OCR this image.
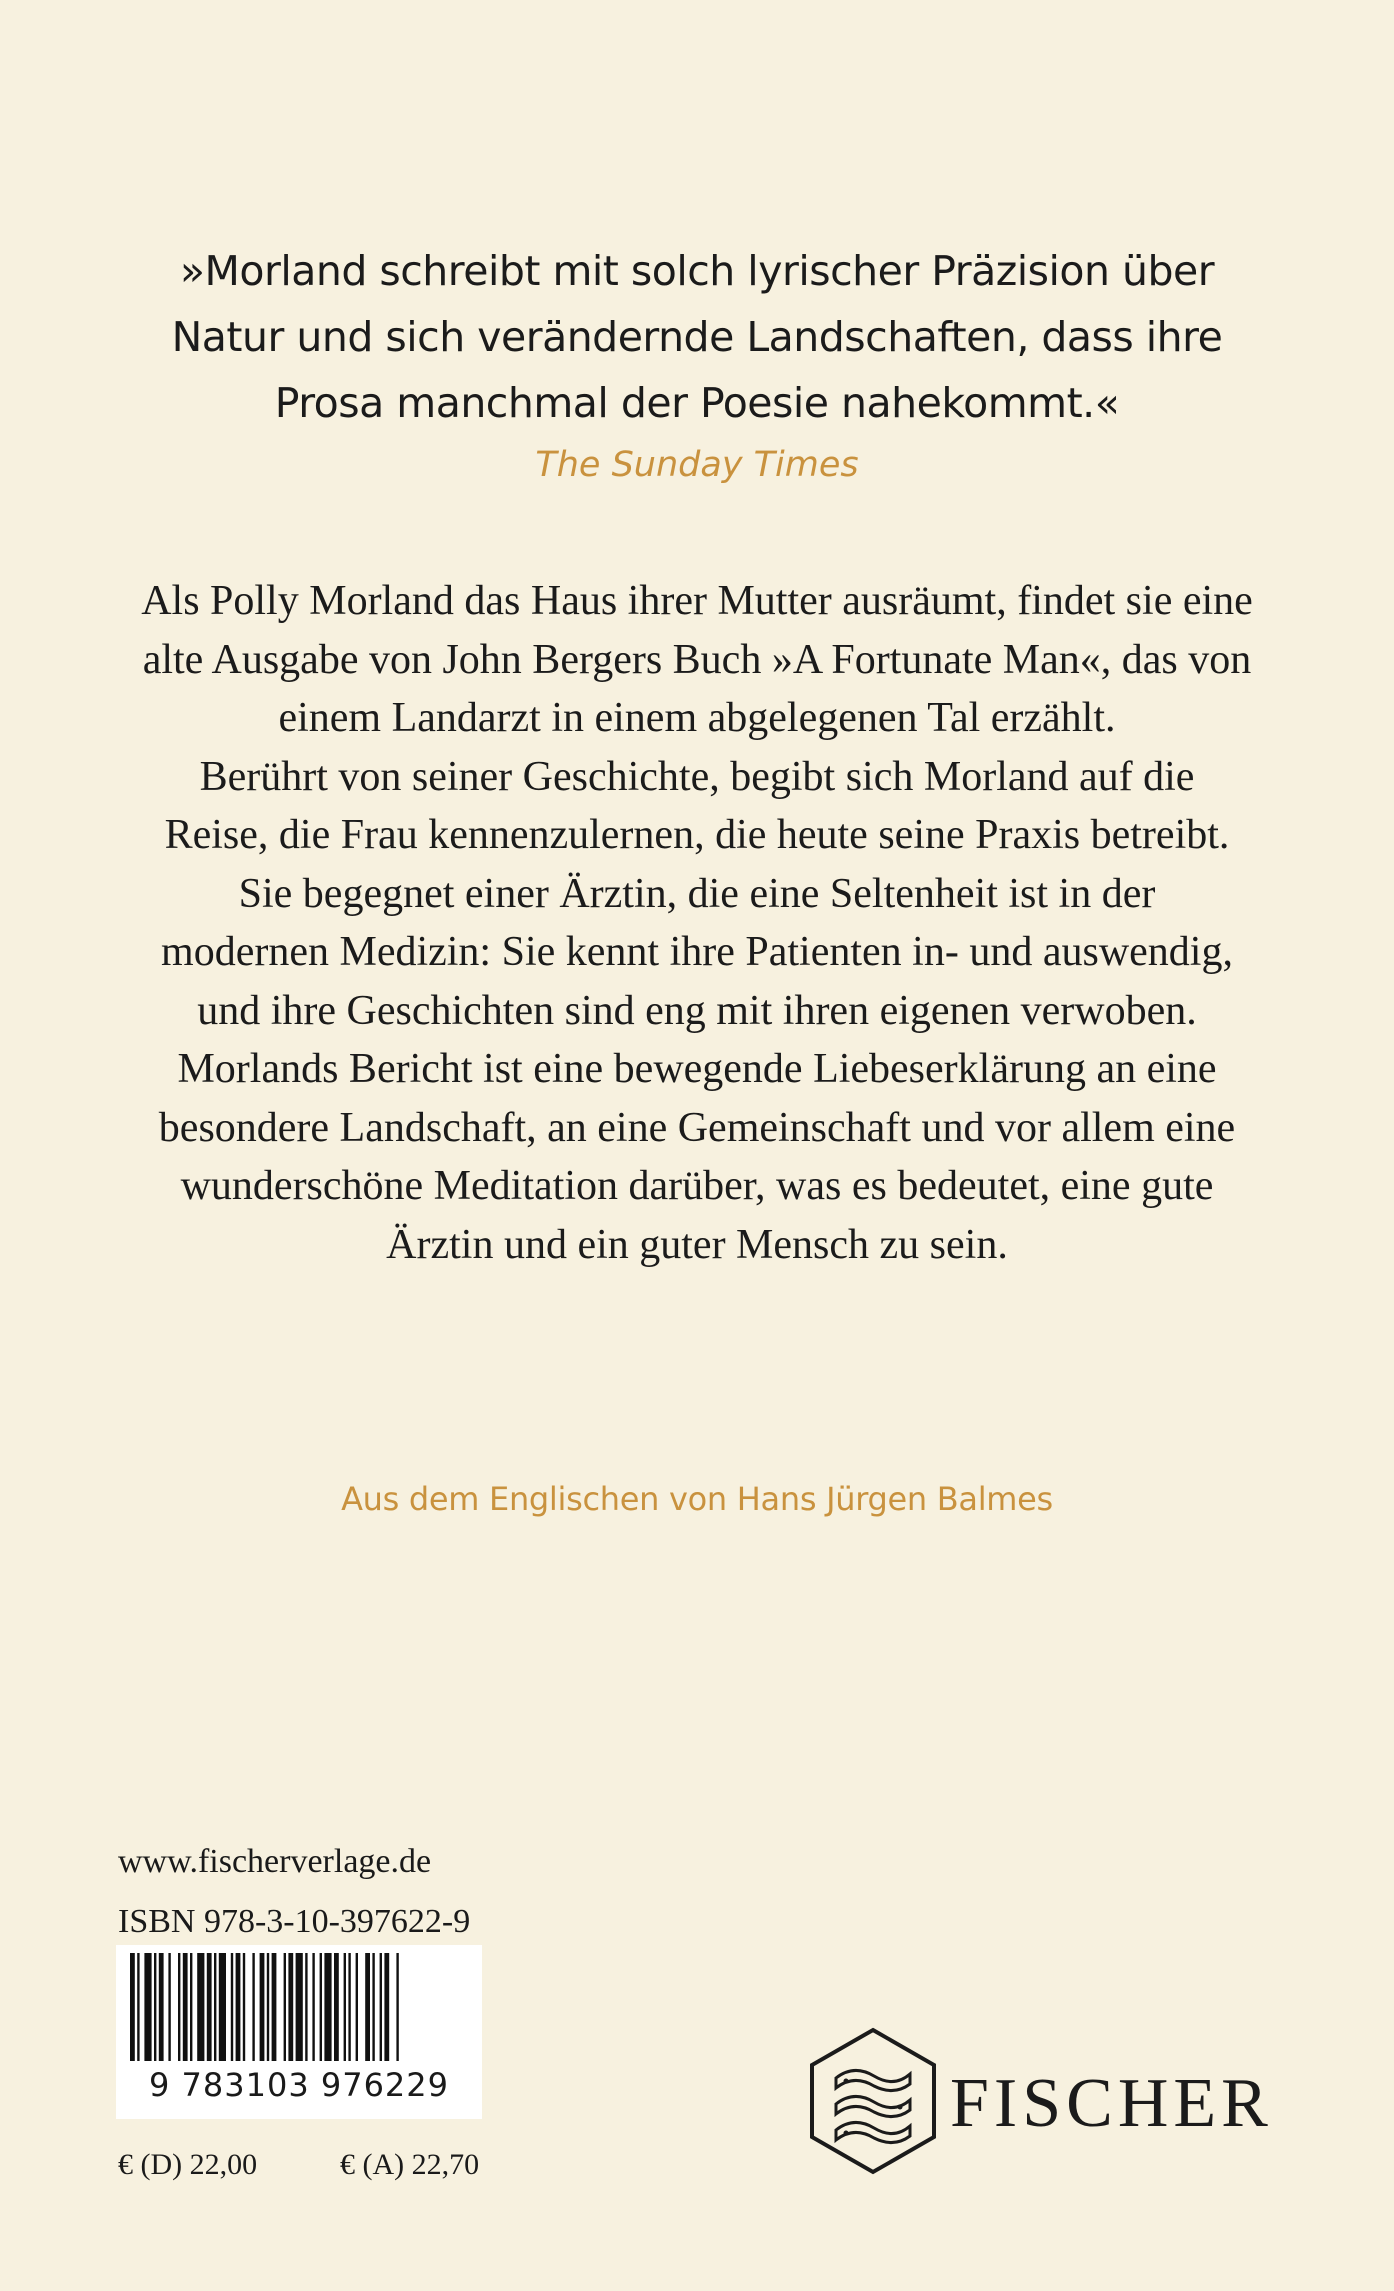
»Morland schreibt mit solch lyrischer Präzision über
Natur und sich verändernde Landschaften, dass ihre
Prosa manchmal der Poesie nahekommt.«
The Sunday Times
Als Polly Morland das Haus ihrer Mutter ausräumt, findet sie eine
alte Ausgabe von John Bergers Buch »A Fortunate Man«, das von
einem Landarzt in einem abgelegenen Tal erzählt.
Berührt von seiner Geschichte, begibt sich Morland auf die
Reise, die Frau kennenzulernen, die heute seine Praxis betreibt.
Sie begegnet einer Ärztin, die eine Seltenheit ist in der
modernen Medizin: Sie kennt ihre Patienten in- und auswendig,
und ihre Geschichten sind eng mit ihren eigenen verwoben.
Morlands Bericht ist eine bewegende Liebeserklärung an eine
besondere Landschaft, an eine Gemeinschaft und vor allem eine
wunderschöne Meditation darüber, was es bedeutet, eine gute
Ärztin und ein guter Mensch zu sein.
Aus dem Englischen von Hans Jürgen Balmes
www.fischerverlage.de
ISBN 978-3-10-397622-9
9 783103 976229
€ (D) 22,00	€ (A) 22,70
FISCHER
